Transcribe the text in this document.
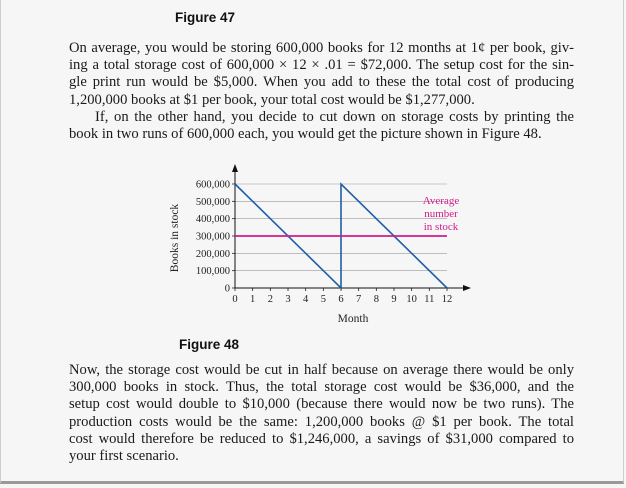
Figure 47

On average, you would be storing 600,000 books for 12 months at 1¢ per book, giv-
ing a total storage cost of 600,000 × 12 × .01 = $72,000. The setup cost for the sin-
gle print run would be $5,000. When you add to these the total cost of producing
1,200,000 books at $1 per book, your total cost would be $1,277,000.

If, on the other hand, you decide to cut down on storage costs by printing the
book in two runs of 600,000 each, you would get the picture shown in Figure 48.

0
100,000
200,000
300,000
400,000
500,000
600,000
0 1 2 3 4 5 6 7 8 9 10 11 12
Month
Books in stock
Average
number
in stock
Figure 48

Now, the storage cost would be cut in half because on average there would be only
300,000 books in stock. Thus, the total storage cost would be $36,000, and the
setup cost would double to $10,000 (because there would now be two runs). The
production costs would be the same: 1,200,000 books @ $1 per book. The total
cost would therefore be reduced to $1,246,000, a savings of $31,000 compared to
your first scenario.
